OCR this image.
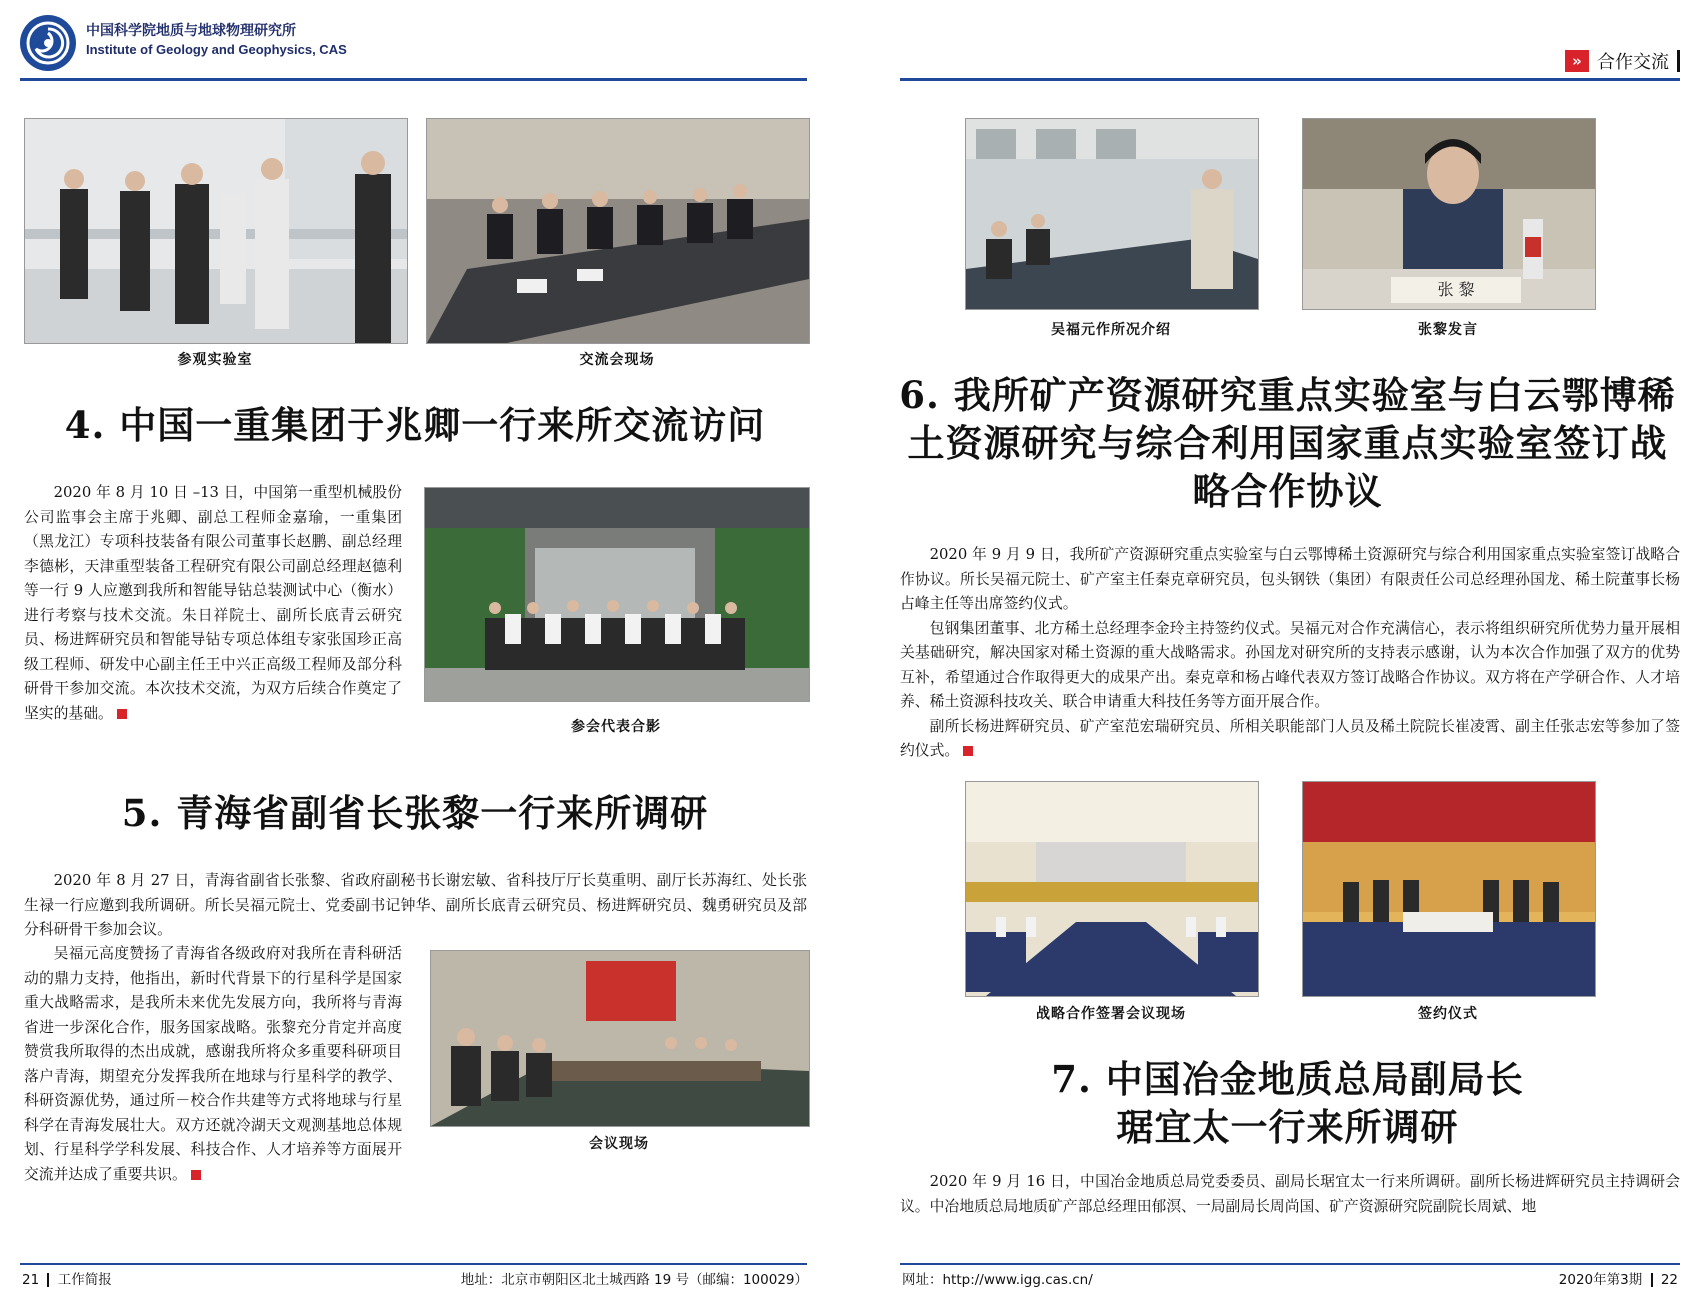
中国科学院地质与地球物理研究所
Institute of Geology and Geophysics, CAS
参观实验室	交流会现场
4. 中国一重集团于兆卿一行来所交流访问

2020 年 8 月 10 日 –13 日，中国第一重型机械股份公司监事会主席于兆卿、副总工程师金嘉瑜，一重集团（黑龙江）专项科技装备有限公司董事长赵鹏、副总经理李德彬，天津重型装备工程研究有限公司副总经理赵德利等一行 9 人应邀到我所和智能导钻总装测试中心（衡水）进行考察与技术交流。朱日祥院士、副所长底青云研究员、杨进辉研究员和智能导钻专项总体组专家张国珍正高级工程师、研发中心副主任王中兴正高级工程师及部分科研骨干参加交流。本次技术交流，为双方后续合作奠定了坚实的基础。

参会代表合影
5. 青海省副省长张黎一行来所调研

2020 年 8 月 27 日，青海省副省长张黎、省政府副秘书长谢宏敏、省科技厅厅长莫重明、副厅长苏海红、处长张生禄一行应邀到我所调研。所长吴福元院士、党委副书记钟华、副所长底青云研究员、杨进辉研究员、魏勇研究员及部分科研骨干参加会议。

吴福元高度赞扬了青海省各级政府对我所在青科研活动的鼎力支持，他指出，新时代背景下的行星科学是国家重大战略需求，是我所未来优先发展方向，我所将与青海省进一步深化合作，服务国家战略。张黎充分肯定并高度赞赏我所取得的杰出成就，感谢我所将众多重要科研项目落户青海，期望充分发挥我所在地球与行星科学的教学、科研资源优势，通过所－校合作共建等方式将地球与行星科学在青海发展壮大。双方还就冷湖天文观测基地总体规划、行星科学学科发展、科技合作、人才培养等方面展开交流并达成了重要共识。

会议现场
21 工作简报	地址：北京市朝阳区北土城西路 19 号（邮编：100029）
» 合作交流
吴福元作所况介绍
张 黎
张黎发言
6. 我所矿产资源研究重点实验室与白云鄂博稀土资源研究与综合利用国家重点实验室签订战略合作协议

2020 年 9 月 9 日，我所矿产资源研究重点实验室与白云鄂博稀土资源研究与综合利用国家重点实验室签订战略合作协议。所长吴福元院士、矿产室主任秦克章研究员，包头钢铁（集团）有限责任公司总经理孙国龙、稀土院董事长杨占峰主任等出席签约仪式。

包钢集团董事、北方稀土总经理李金玲主持签约仪式。吴福元对合作充满信心，表示将组织研究所优势力量开展相关基础研究，解决国家对稀土资源的重大战略需求。孙国龙对研究所的支持表示感谢，认为本次合作加强了双方的优势互补，希望通过合作取得更大的成果产出。秦克章和杨占峰代表双方签订战略合作协议。双方将在产学研合作、人才培养、稀土资源科技攻关、联合申请重大科技任务等方面开展合作。

副所长杨进辉研究员、矿产室范宏瑞研究员、所相关职能部门人员及稀土院院长崔凌霄、副主任张志宏等参加了签约仪式。

战略合作签署会议现场	签约仪式
7. 中国冶金地质总局副局长
琚宜太一行来所调研

2020 年 9 月 16 日，中国冶金地质总局党委委员、副局长琚宜太一行来所调研。副所长杨进辉研究员主持调研会议。中冶地质总局地质矿产部总经理田郁溟、一局副局长周尚国、矿产资源研究院副院长周斌、地

网址：http://www.igg.cas.cn/	2020年第3期 22
